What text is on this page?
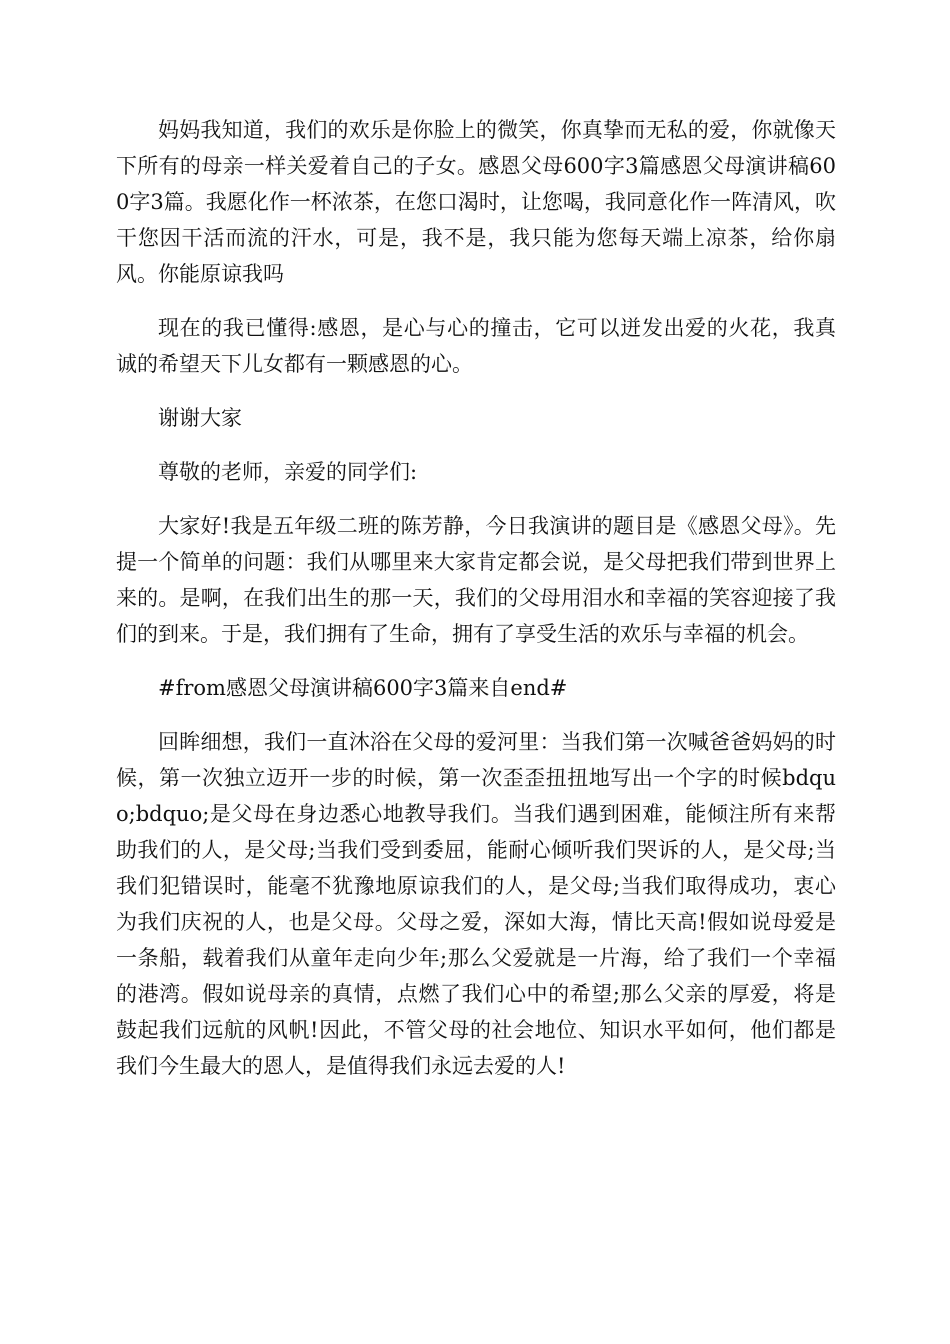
妈妈我知道，我们的欢乐是你脸上的微笑，你真挚而无私的爱，你就像天下所有的母亲一样关爱着自己的子女。感恩父母600字3篇感恩父母演讲稿600字3篇。我愿化作一杯浓茶，在您口渴时，让您喝，我同意化作一阵清风，吹干您因干活而流的汗水，可是，我不是，我只能为您每天端上凉茶，给你扇风。你能原谅我吗

现在的我已懂得:感恩，是心与心的撞击，它可以迸发出爱的火花，我真诚的希望天下儿女都有一颗感恩的心。

谢谢大家

尊敬的老师，亲爱的同学们:

大家好!我是五年级二班的陈芳静，今日我演讲的题目是《感恩父母》。先提一个简单的问题：我们从哪里来大家肯定都会说，是父母把我们带到世界上来的。是啊，在我们出生的那一天，我们的父母用泪水和幸福的笑容迎接了我们的到来。于是，我们拥有了生命，拥有了享受生活的欢乐与幸福的机会。

#from感恩父母演讲稿600字3篇来自end#

回眸细想，我们一直沐浴在父母的爱河里：当我们第一次喊爸爸妈妈的时候，第一次独立迈开一步的时候，第一次歪歪扭扭地写出一个字的时候bdquo;bdquo;是父母在身边悉心地教导我们。当我们遇到困难，能倾注所有来帮助我们的人，是父母;当我们受到委屈，能耐心倾听我们哭诉的人，是父母;当我们犯错误时，能毫不犹豫地原谅我们的人，是父母;当我们取得成功，衷心为我们庆祝的人，也是父母。父母之爱，深如大海，情比天高!假如说母爱是一条船，载着我们从童年走向少年;那么父爱就是一片海，给了我们一个幸福的港湾。假如说母亲的真情，点燃了我们心中的希望;那么父亲的厚爱，将是鼓起我们远航的风帆!因此，不管父母的社会地位、知识水平如何，他们都是我们今生最大的恩人，是值得我们永远去爱的人!
